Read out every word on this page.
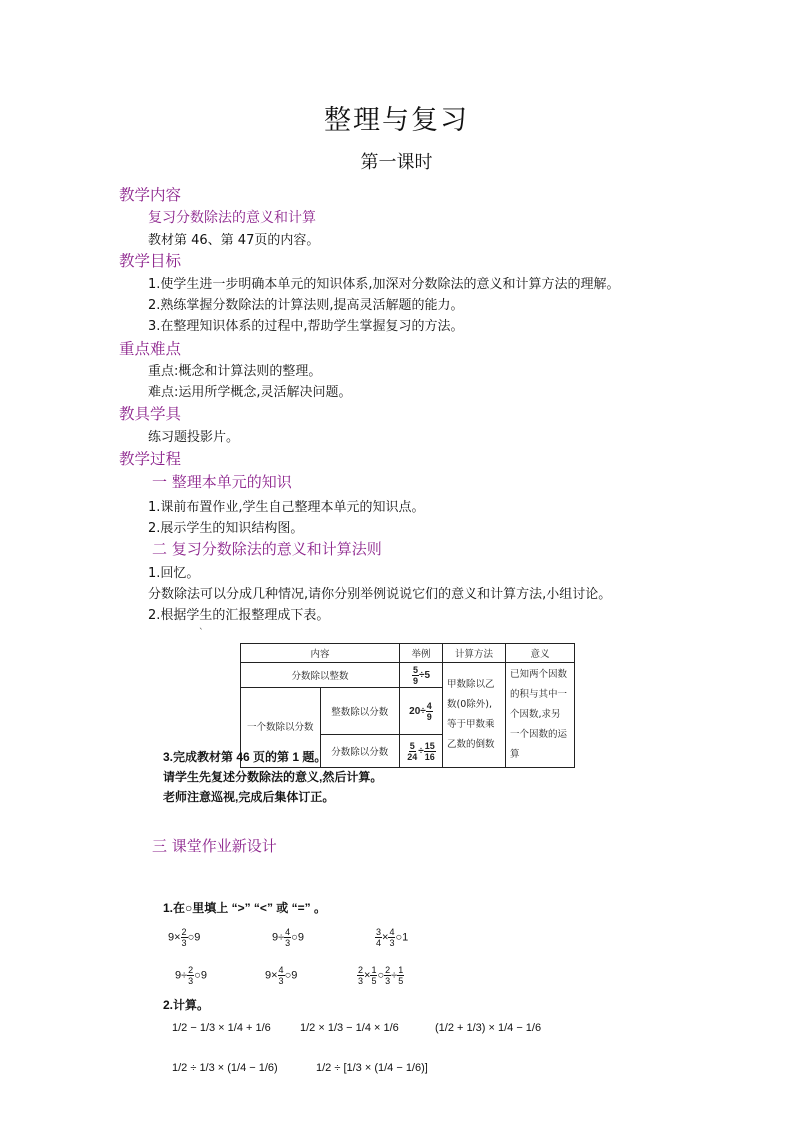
整理与复习
第一课时
教学内容
复习分数除法的意义和计算
教材第 46、第 47页的内容。
教学目标
1.使学生进一步明确本单元的知识体系,加深对分数除法的意义和计算方法的理解。
2.熟练掌握分数除法的计算法则,提高灵活解题的能力。
3.在整理知识体系的过程中,帮助学生掌握复习的方法。
重点难点
重点:概念和计算法则的整理。
难点:运用所学概念,灵活解决问题。
教具学具
练习题投影片。
教学过程
一 整理本单元的知识
1.课前布置作业,学生自己整理本单元的知识点。
2.展示学生的知识结构图。
二 复习分数除法的意义和计算法则
1.回忆。
分数除法可以分成几种情况,请你分别举例说说它们的意义和计算方法,小组讨论。
2.根据学生的汇报整理成下表。
`
内容		举例	计算方法	意义
分数除以整数		$\frac{5}{9} \div 5$	甲数除以乙数(0除外),等于甲数乘乙数的倒数	已知两个因数的积与其中一个因数,求另一个因数的运算
一个数除以分数	整数除以分数	$20\div \frac{4}{9}$

	分数除以分数	$\frac{5}{24} \div \frac{15}{16}$
3.完成教材第 46 页的第 1 题。
请学生先复述分数除法的意义,然后计算。
老师注意巡视,完成后集体订正。
三 课堂作业新设计
1.在○里填上 “>” “<” 或 “=” 。
$9\times \frac{2}{3}$ ○9	$9\div \frac{4}{3}$ ○9	$\frac{3}{4} \times \frac{4}{3}$ ○1
$9\div \frac{2}{3}$ ○9	$9\times \frac{4}{3}$ ○9	$\frac{2}{3} \times \frac{1}{5}$ ○ $\frac{2}{3} \div \frac{1}{5}$
2.计算。
1/2 − 1/3 × 1/4 + 1/6	1/2 × 1/3 − 1/4 × 1/6	(1/2 + 1/3) × 1/4 − 1/6
1/2 ÷ 1/3 × (1/4 − 1/6)	1/2 ÷ [1/3 × (1/4 − 1/6)]
